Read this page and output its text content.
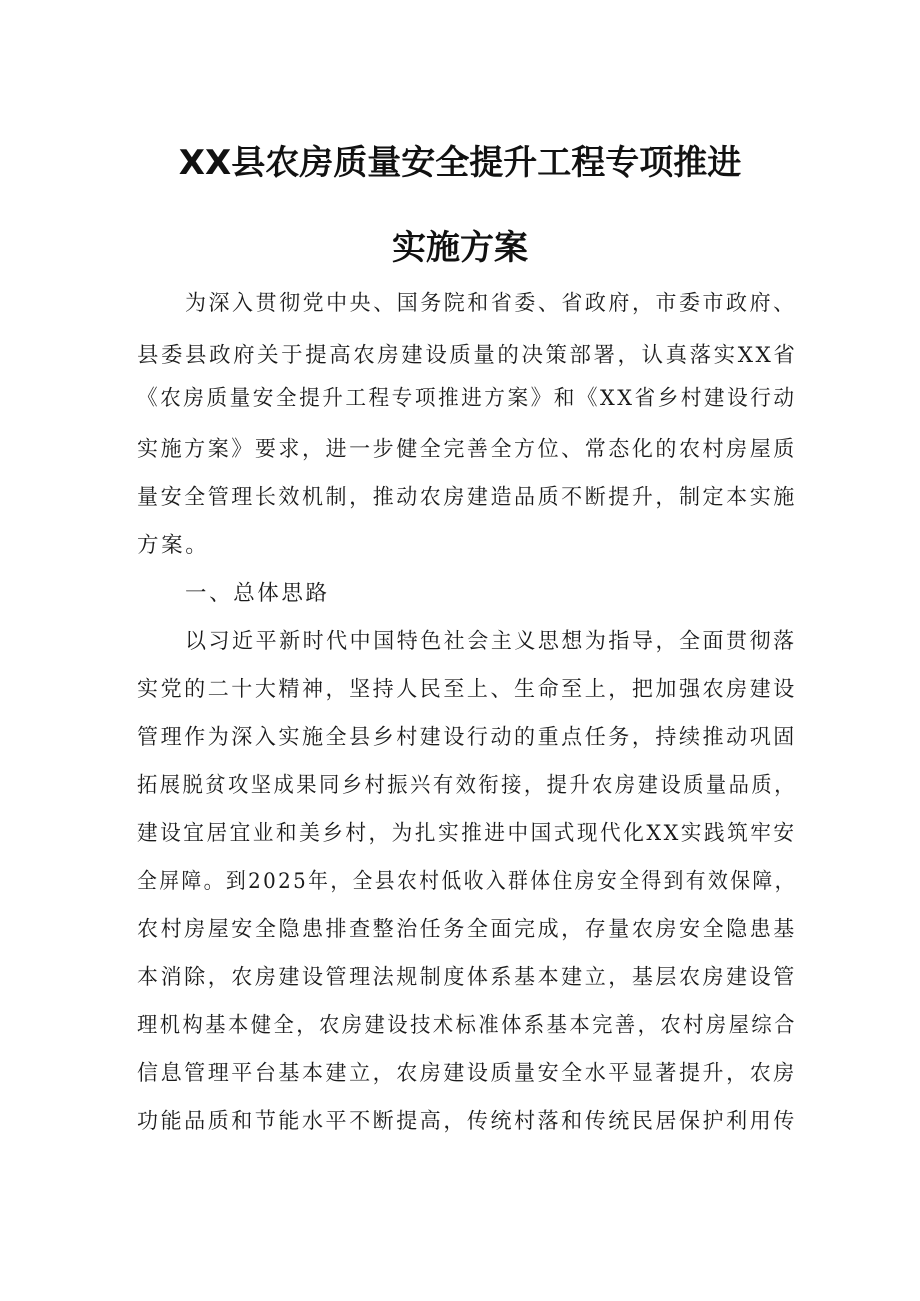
XX县农房质量安全提升工程专项推进
实施方案
为深入贯彻党中央、国务院和省委、省政府，市委市政府、
县委县政府关于提高农房建设质量的决策部署，认真落实XX省
《农房质量安全提升工程专项推进方案》和《XX省乡村建设行动
实施方案》要求，进一步健全完善全方位、常态化的农村房屋质
量安全管理长效机制，推动农房建造品质不断提升，制定本实施
方案。
一、总体思路
以习近平新时代中国特色社会主义思想为指导，全面贯彻落
实党的二十大精神，坚持人民至上、生命至上，把加强农房建设
管理作为深入实施全县乡村建设行动的重点任务，持续推动巩固
拓展脱贫攻坚成果同乡村振兴有效衔接，提升农房建设质量品质，
建设宜居宜业和美乡村，为扎实推进中国式现代化XX实践筑牢安
全屏障。到2025年，全县农村低收入群体住房安全得到有效保障，
农村房屋安全隐患排查整治任务全面完成，存量农房安全隐患基
本消除，农房建设管理法规制度体系基本建立，基层农房建设管
理机构基本健全，农房建设技术标准体系基本完善，农村房屋综合
信息管理平台基本建立，农房建设质量安全水平显著提升，农房
功能品质和节能水平不断提高，传统村落和传统民居保护利用传
